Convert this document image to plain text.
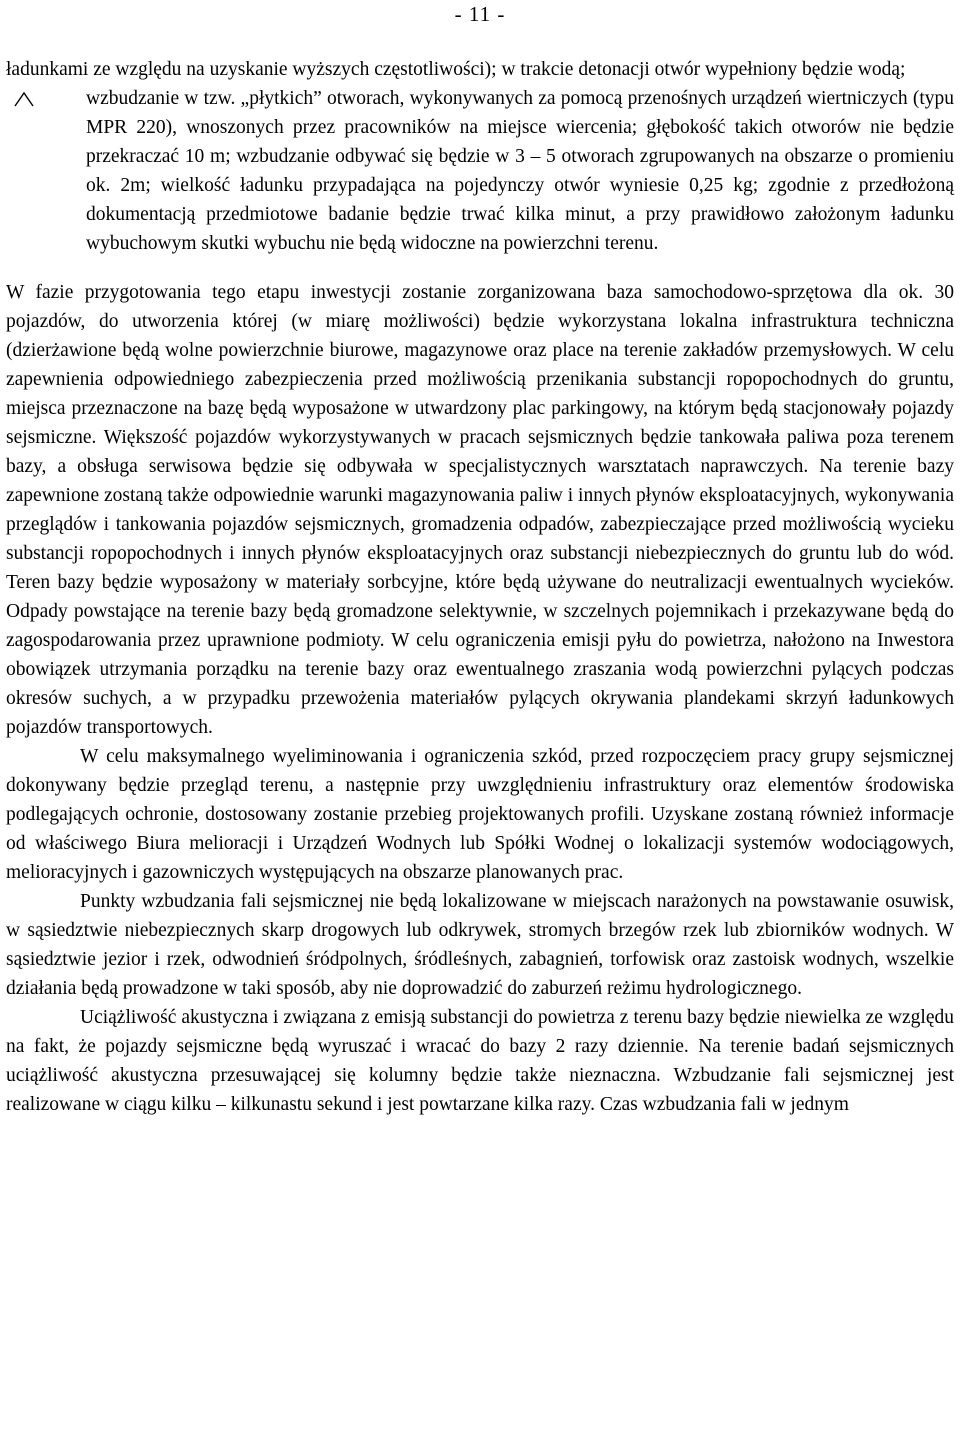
- 11 -

ładunkami ze względu na uzyskanie wyższych częstotliwości); w trakcie detonacji otwór wypełniony będzie wodą;

wzbudzanie w tzw. „płytkich” otworach, wykonywanych za pomocą przenośnych urządzeń wiertniczych (typu MPR 220), wnoszonych przez pracowników na miejsce wiercenia; głębokość takich otworów nie będzie przekraczać 10 m; wzbudzanie odbywać się będzie w 3 – 5 otworach zgrupowanych na obszarze o promieniu ok. 2m; wielkość ładunku przypadająca na pojedynczy otwór wyniesie 0,25 kg; zgodnie z przedłożoną dokumentacją przedmiotowe badanie będzie trwać kilka minut, a przy prawidłowo założonym ładunku wybuchowym skutki wybuchu nie będą widoczne na powierzchni terenu.

W fazie przygotowania tego etapu inwestycji zostanie zorganizowana baza samochodowo-sprzętowa dla ok. 30 pojazdów, do utworzenia której (w miarę możliwości) będzie wykorzystana lokalna infrastruktura techniczna (dzierżawione będą wolne powierzchnie biurowe, magazynowe oraz place na terenie zakładów przemysłowych. W celu zapewnienia odpowiedniego zabezpieczenia przed możliwością przenikania substancji ropopochodnych do gruntu, miejsca przeznaczone na bazę będą wyposażone w utwardzony plac parkingowy, na którym będą stacjonowały pojazdy sejsmiczne. Większość pojazdów wykorzystywanych w pracach sejsmicznych będzie tankowała paliwa poza terenem bazy, a obsługa serwisowa będzie się odbywała w specjalistycznych warsztatach naprawczych. Na terenie bazy zapewnione zostaną także odpowiednie warunki magazynowania paliw i innych płynów eksploatacyjnych, wykonywania przeglądów i tankowania pojazdów sejsmicznych, gromadzenia odpadów, zabezpieczające przed możliwością wycieku substancji ropopochodnych i innych płynów eksploatacyjnych oraz substancji niebezpiecznych do gruntu lub do wód. Teren bazy będzie wyposażony w materiały sorbcyjne, które będą używane do neutralizacji ewentualnych wycieków. Odpady powstające na terenie bazy będą gromadzone selektywnie, w szczelnych pojemnikach i przekazywane będą do zagospodarowania przez uprawnione podmioty. W celu ograniczenia emisji pyłu do powietrza, nałożono na Inwestora obowiązek utrzymania porządku na terenie bazy oraz ewentualnego zraszania wodą powierzchni pylących podczas okresów suchych, a w przypadku przewożenia materiałów pylących okrywania plandekami skrzyń ładunkowych pojazdów transportowych.

W celu maksymalnego wyeliminowania i ograniczenia szkód, przed rozpoczęciem pracy grupy sejsmicznej dokonywany będzie przegląd terenu, a następnie przy uwzględnieniu infrastruktury oraz elementów środowiska podlegających ochronie, dostosowany zostanie przebieg projektowanych profili. Uzyskane zostaną również informacje od właściwego Biura melioracji i Urządzeń Wodnych lub Spółki Wodnej o lokalizacji systemów wodociągowych, melioracyjnych i gazowniczych występujących na obszarze planowanych prac.

Punkty wzbudzania fali sejsmicznej nie będą lokalizowane w miejscach narażonych na powstawanie osuwisk, w sąsiedztwie niebezpiecznych skarp drogowych lub odkrywek, stromych brzegów rzek lub zbiorników wodnych. W sąsiedztwie jezior i rzek, odwodnień śródpolnych, śródleśnych, zabagnień, torfowisk oraz zastoisk wodnych, wszelkie działania będą prowadzone w taki sposób, aby nie doprowadzić do zaburzeń reżimu hydrologicznego.

Uciążliwość akustyczna i związana z emisją substancji do powietrza z terenu bazy będzie niewielka ze względu na fakt, że pojazdy sejsmiczne będą wyruszać i wracać do bazy 2 razy dziennie. Na terenie badań sejsmicznych uciążliwość akustyczna przesuwającej się kolumny będzie także nieznaczna. Wzbudzanie fali sejsmicznej jest realizowane w ciągu kilku – kilkunastu sekund i jest powtarzane kilka razy. Czas wzbudzania fali w jednym
